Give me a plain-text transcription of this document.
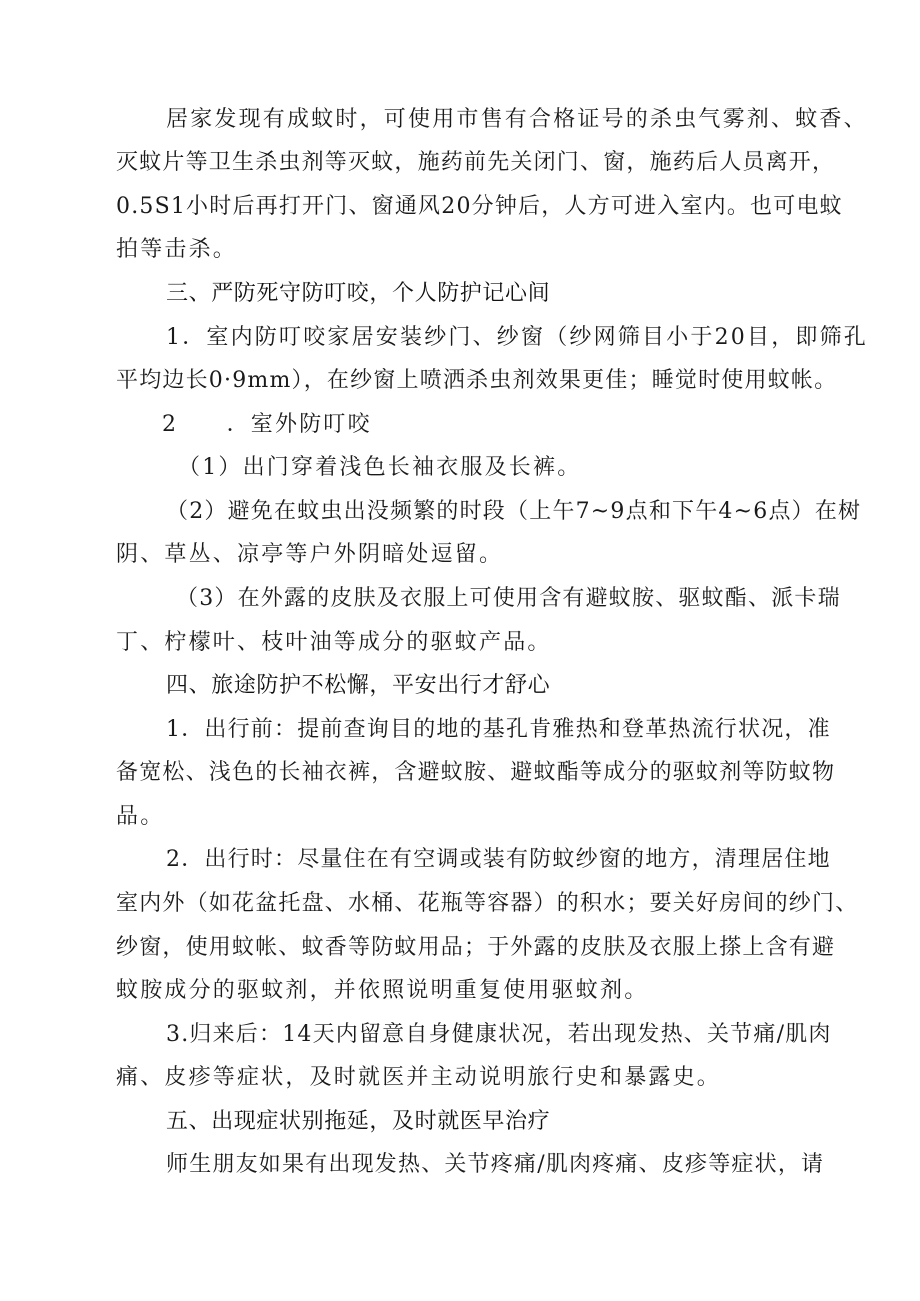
居家发现有成蚊时，可使用市售有合格证号的杀虫气雾剂、蚊香、
灭蚊片等卫生杀虫剂等灭蚊，施药前先关闭门、窗，施药后人员离开，
0.5S1小时后再打开门、窗通风20分钟后，人方可进入室内。也可电蚊
拍等击杀。
三、严防死守防叮咬，个人防护记心间
1．室内防叮咬家居安装纱门、纱窗（纱网筛目小于20目，即筛孔
平均边长0·9mm），在纱窗上喷洒杀虫剂效果更佳；睡觉时使用蚊帐。
2　　．室外防叮咬
（1）出门穿着浅色长袖衣服及长裤。
（2）避免在蚊虫出没频繁的时段（上午7~9点和下午4~6点）在树
阴、草丛、凉亭等户外阴暗处逗留。
（3）在外露的皮肤及衣服上可使用含有避蚊胺、驱蚊酯、派卡瑞
丁、柠檬叶、枝叶油等成分的驱蚊产品。
四、旅途防护不松懈，平安出行才舒心
1．出行前：提前查询目的地的基孔肯雅热和登革热流行状况，准
备宽松、浅色的长袖衣裤，含避蚊胺、避蚊酯等成分的驱蚊剂等防蚊物
品。
2．出行时：尽量住在有空调或装有防蚊纱窗的地方，清理居住地
室内外（如花盆托盘、水桶、花瓶等容器）的积水；要关好房间的纱门、
纱窗，使用蚊帐、蚊香等防蚊用品；于外露的皮肤及衣服上搽上含有避
蚊胺成分的驱蚊剂，并依照说明重复使用驱蚊剂。
3.归来后：14天内留意自身健康状况，若出现发热、关节痛/肌肉
痛、皮疹等症状，及时就医并主动说明旅行史和暴露史。
五、出现症状别拖延，及时就医早治疗
师生朋友如果有出现发热、关节疼痛/肌肉疼痛、皮疹等症状，请
